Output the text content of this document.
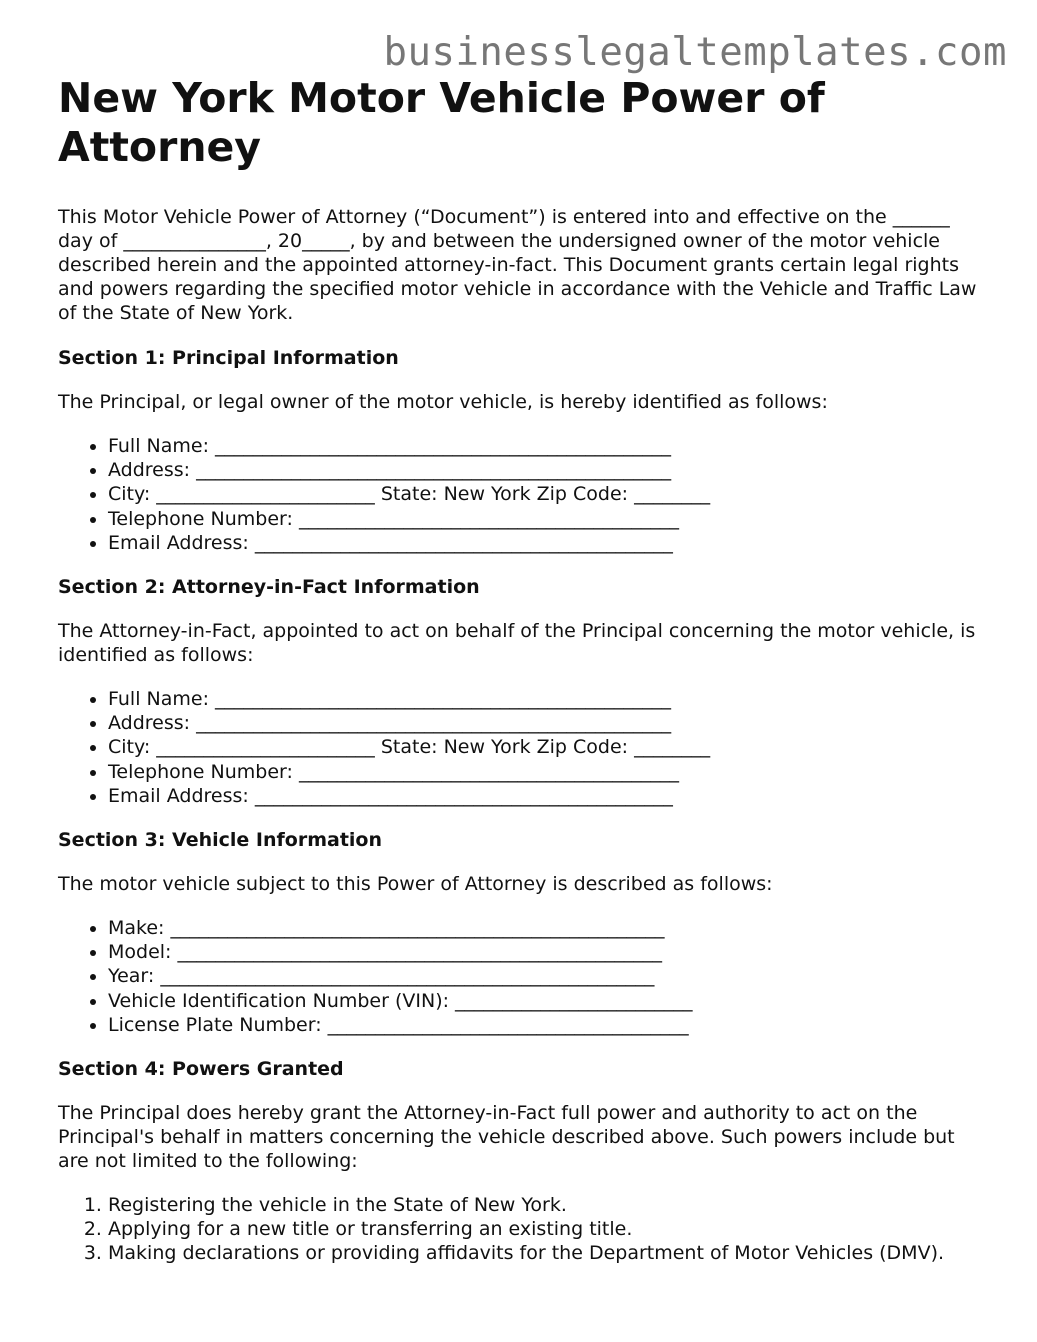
businesslegaltemplates.com
New York Motor Vehicle Power of Attorney

This Motor Vehicle Power of Attorney (“Document”) is entered into and effective on the ______ day of _______________, 20_____, by and between the undersigned owner of the motor vehicle described herein and the appointed attorney-in-fact. This Document grants certain legal rights and powers regarding the specified motor vehicle in accordance with the Vehicle and Traffic Law of the State of New York.

Section 1: Principal Information

The Principal, or legal owner of the motor vehicle, is hereby identified as follows:

• Full Name: ________________________________________________
• Address: __________________________________________________
• City: _______________________ State: New York Zip Code: ________
• Telephone Number: ________________________________________
• Email Address: ____________________________________________
Section 2: Attorney-in-Fact Information

The Attorney-in-Fact, appointed to act on behalf of the Principal concerning the motor vehicle, is identified as follows:

• Full Name: ________________________________________________
• Address: __________________________________________________
• City: _______________________ State: New York Zip Code: ________
• Telephone Number: ________________________________________
• Email Address: ____________________________________________
Section 3: Vehicle Information

The motor vehicle subject to this Power of Attorney is described as follows:

• Make: ____________________________________________________
• Model: ___________________________________________________
• Year: ____________________________________________________
• Vehicle Identification Number (VIN): _________________________
• License Plate Number: ______________________________________
Section 4: Powers Granted

The Principal does hereby grant the Attorney-in-Fact full power and authority to act on the Principal's behalf in matters concerning the vehicle described above. Such powers include but are not limited to the following:

1. Registering the vehicle in the State of New York.
2. Applying for a new title or transferring an existing title.
3. Making declarations or providing affidavits for the Department of Motor Vehicles (DMV).
